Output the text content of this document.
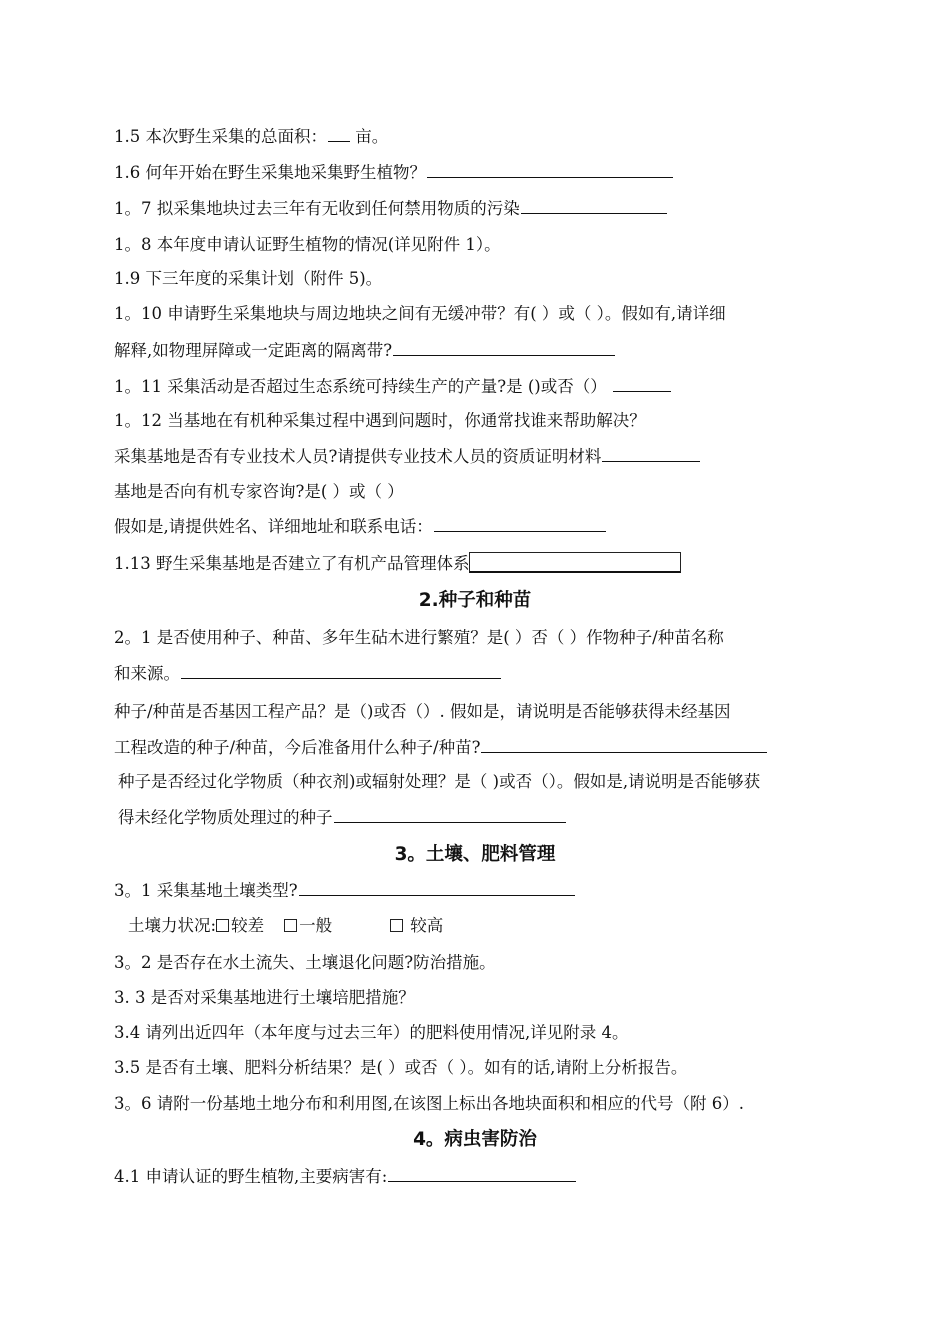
1.5 本次野生采集的总面积： 亩。
1.6 何年开始在野生采集地采集野生植物？
1。7 拟采集地块过去三年有无收到任何禁用物质的污染
1。8 本年度申请认证野生植物的情况(详见附件 1）。
1.9 下三年度的采集计划（附件 5)。
1。10 申请野生采集地块与周边地块之间有无缓冲带？有( ）或（ ）。假如有,请详细
解释,如物理屏障或一定距离的隔离带?
1。11 采集活动是否超过生态系统可持续生产的产量?是 ()或否（）
1。12 当基地在有机种采集过程中遇到问题时，你通常找谁来帮助解决？
采集基地是否有专业技术人员?请提供专业技术人员的资质证明材料
基地是否向有机专家咨询?是( ）或（ ）
假如是,请提供姓名、详细地址和联系电话：
1.13 野生采集基地是否建立了有机产品管理体系
2.种子和种苗
2。1 是否使用种子、种苗、多年生砧木进行繁殖？是( ）否（ ）作物种子/种苗名称
和来源。
种子/种苗是否基因工程产品？是（)或否（）. 假如是，请说明是否能够获得未经基因
工程改造的种子/种苗，今后准备用什么种子/种苗?
种子是否经过化学物质（种衣剂)或辐射处理？是（ )或否（）。假如是,请说明是否能够获
得未经化学物质处理过的种子
3。土壤、肥料管理
3。1 采集基地土壤类型?
土壤力状况: 较差 一般	较高
3。2 是否存在水土流失、土壤退化问题?防治措施。
3. 3 是否对采集基地进行土壤培肥措施？
3.4 请列出近四年（本年度与过去三年）的肥料使用情况,详见附录 4。
3.5 是否有土壤、肥料分析结果？是( ）或否（ ）。如有的话,请附上分析报告。
3。6 请附一份基地土地分布和利用图,在该图上标出各地块面积和相应的代号（附 6）.
4。病虫害防治
4.1 申请认证的野生植物,主要病害有:
